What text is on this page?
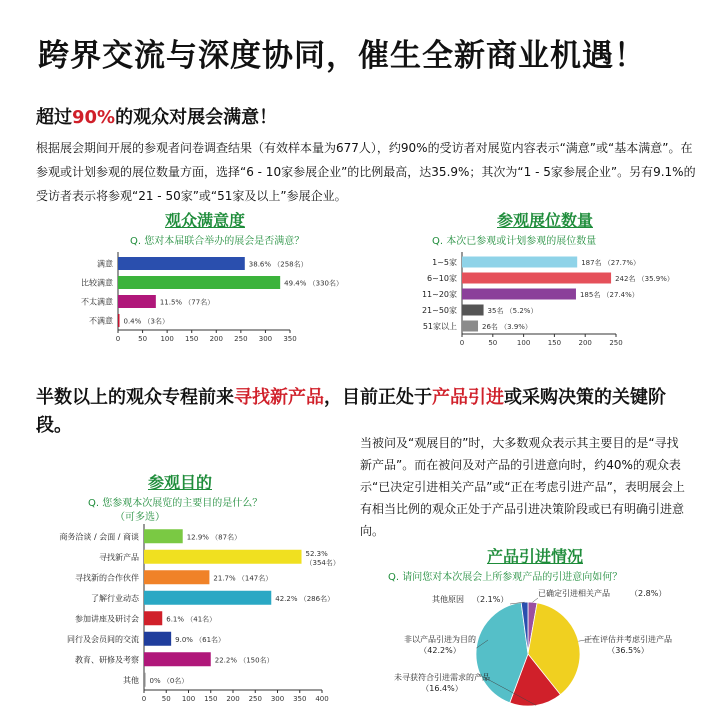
跨界交流与深度协同，催生全新商业机遇！
超过90%的观众对展会满意！
根据展会期间开展的参观者问卷调查结果（有效样本量为677人），约90%的受访者对展览内容表示“满意”或“基本满意”。在参观或计划参观的展位数量方面，选择“6 - 10家参展企业”的比例最高，达35.9%；其次为“1 - 5家参展企业”。另有9.1%的受访者表示将参观“21 - 50家”或“51家及以上”参展企业。
观众满意度
Q. 您对本届联合举办的展会是否满意？
0	50 100 150 200 250 300 350
满意	38.6% （258名）
比较满意	49.4% （330名）
不太满意	11.5% （77名）
不满意 0.4% （3名）
参观展位数量
Q. 本次已参观或计划参观的展位数量
0	50	100 150 200 250
1~5家	187名 （27.7%）
6~10家	242名 （35.9%）
11~20家	185名 （27.4%）
21~50家	35名 （5.2%）
51家以上	26名 （3.9%）
半数以上的观众专程前来寻找新产品，目前正处于产品引进或采购决策的关键阶段。
当被问及“观展目的”时，大多数观众表示其主要目的是“寻找新产品”。而在被问及对产品的引进意向时，约40%的观众表示“已决定引进相关产品”或“正在考虑引进产品”，表明展会上有相当比例的观众正处于产品引进决策阶段或已有明确引进意向。
参观目的
Q. 您参观本次展览的主要目的是什么？
（可多选）
0 50 100 150 200 250 300 350 400
商务洽谈 / 会面 / 商谈	12.9% （87名）
寻找新产品	52.3%
（354名）
寻找新的合作伙伴	21.7% （147名）
了解行业动态	42.2% （286名）
参加讲座及研讨会	6.1% （41名）
同行及会员间的交流	9.0% （61名）
教育、研修及考察	22.2% （150名）
其他 0% （0名）
产品引进情况
Q. 请问您对本次展会上所参观产品的引进意向如何？
已确定引进相关产品	（2.8%）
正在评估并考虑引进产品
（36.5%）
未寻获符合引进需求的产品
（16.4%）
非以产品引进为目的
（42.2%）
其他原因 （2.1%）
